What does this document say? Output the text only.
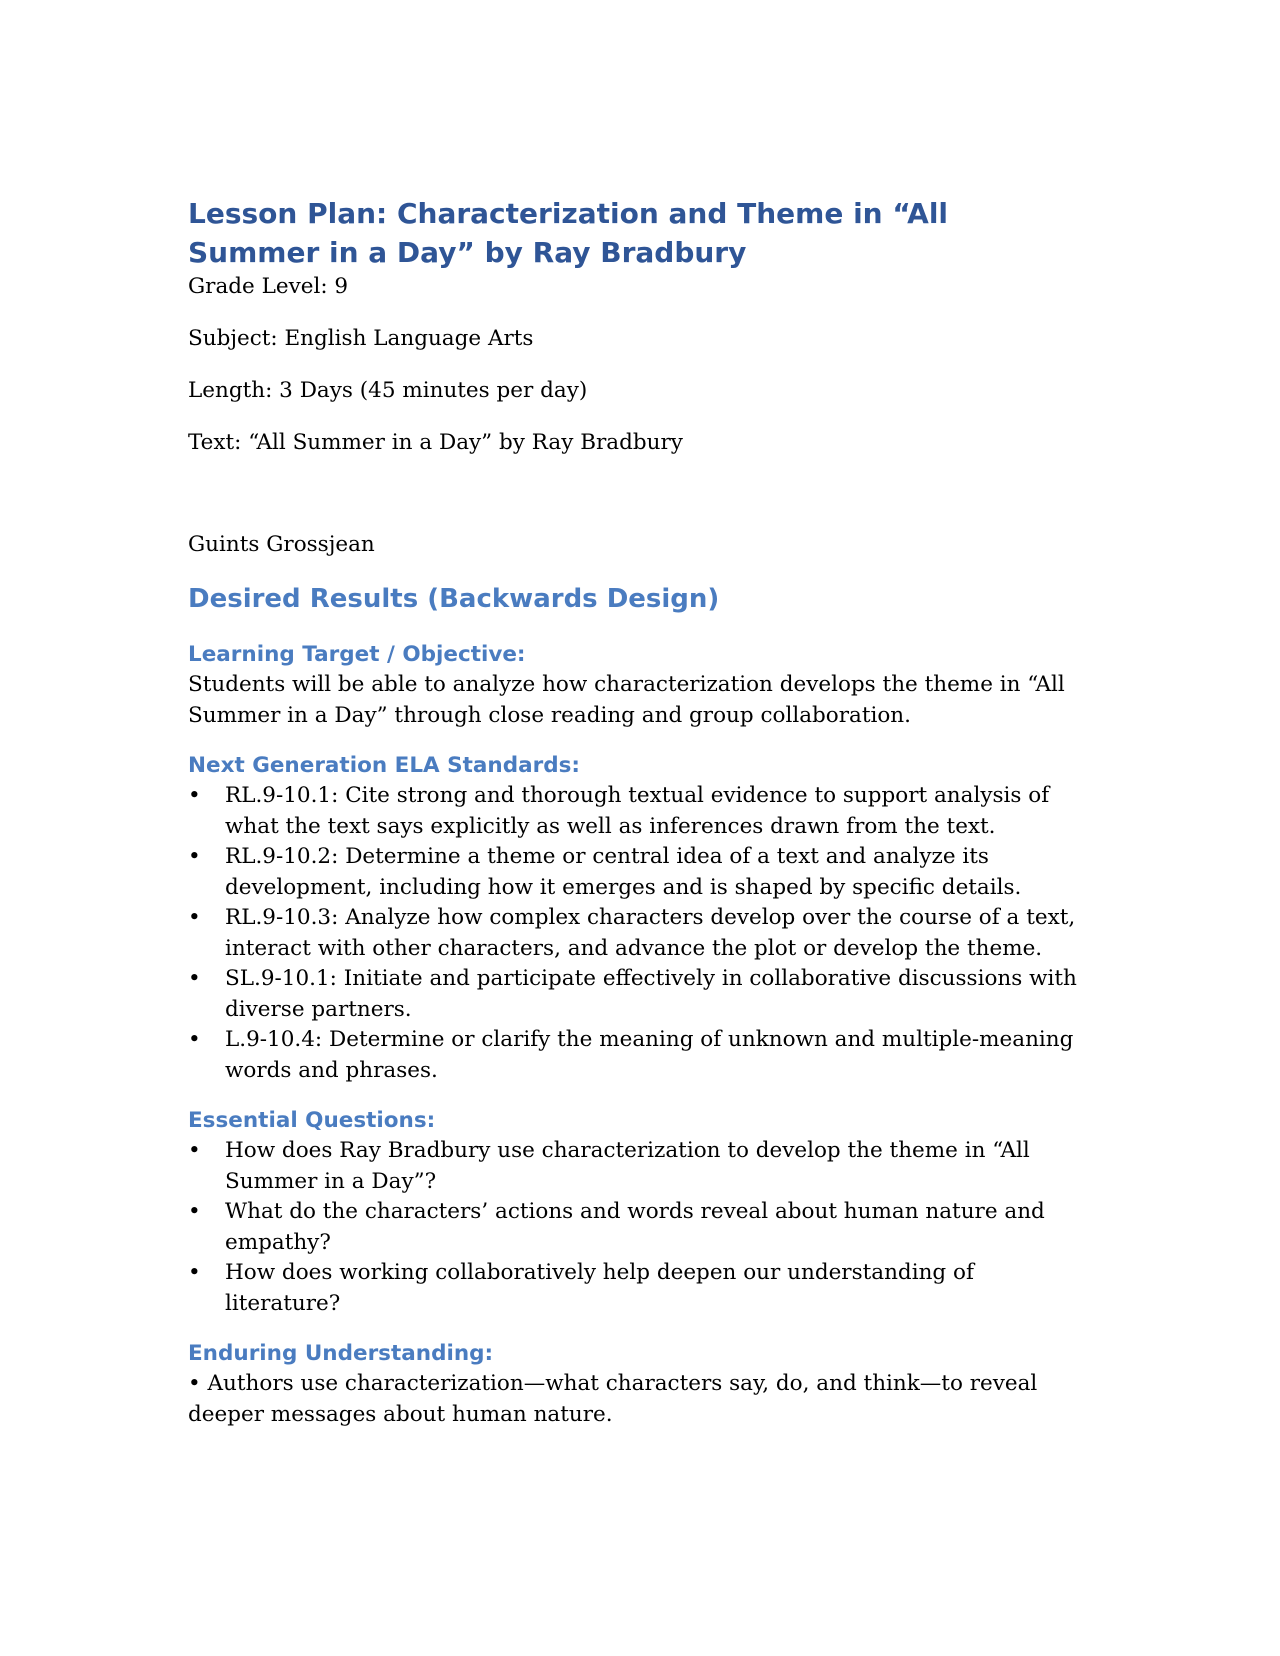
Lesson Plan: Characterization and Theme in “All Summer in a Day” by Ray Bradbury

Grade Level: 9

Subject: English Language Arts

Length: 3 Days (45 minutes per day)

Text: “All Summer in a Day” by Ray Bradbury

Guints Grossjean

Desired Results (Backwards Design)
Learning Target / Objective:

Students will be able to analyze how characterization develops the theme in “All Summer in a Day” through close reading and group collaboration.

Next Generation ELA Standards:
• RL.9-10.1: Cite strong and thorough textual evidence to support analysis of what the text says explicitly as well as inferences drawn from the text.
• RL.9-10.2: Determine a theme or central idea of a text and analyze its development, including how it emerges and is shaped by specific details.
• RL.9-10.3: Analyze how complex characters develop over the course of a text, interact with other characters, and advance the plot or develop the theme.
• SL.9-10.1: Initiate and participate effectively in collaborative discussions with diverse partners.
• L.9-10.4: Determine or clarify the meaning of unknown and multiple-meaning words and phrases.
Essential Questions:
• How does Ray Bradbury use characterization to develop the theme in “All Summer in a Day”?
• What do the characters’ actions and words reveal about human nature and empathy?
• How does working collaboratively help deepen our understanding of literature?
Enduring Understanding:

• Authors use characterization—what characters say, do, and think—to reveal deeper messages about human nature.
